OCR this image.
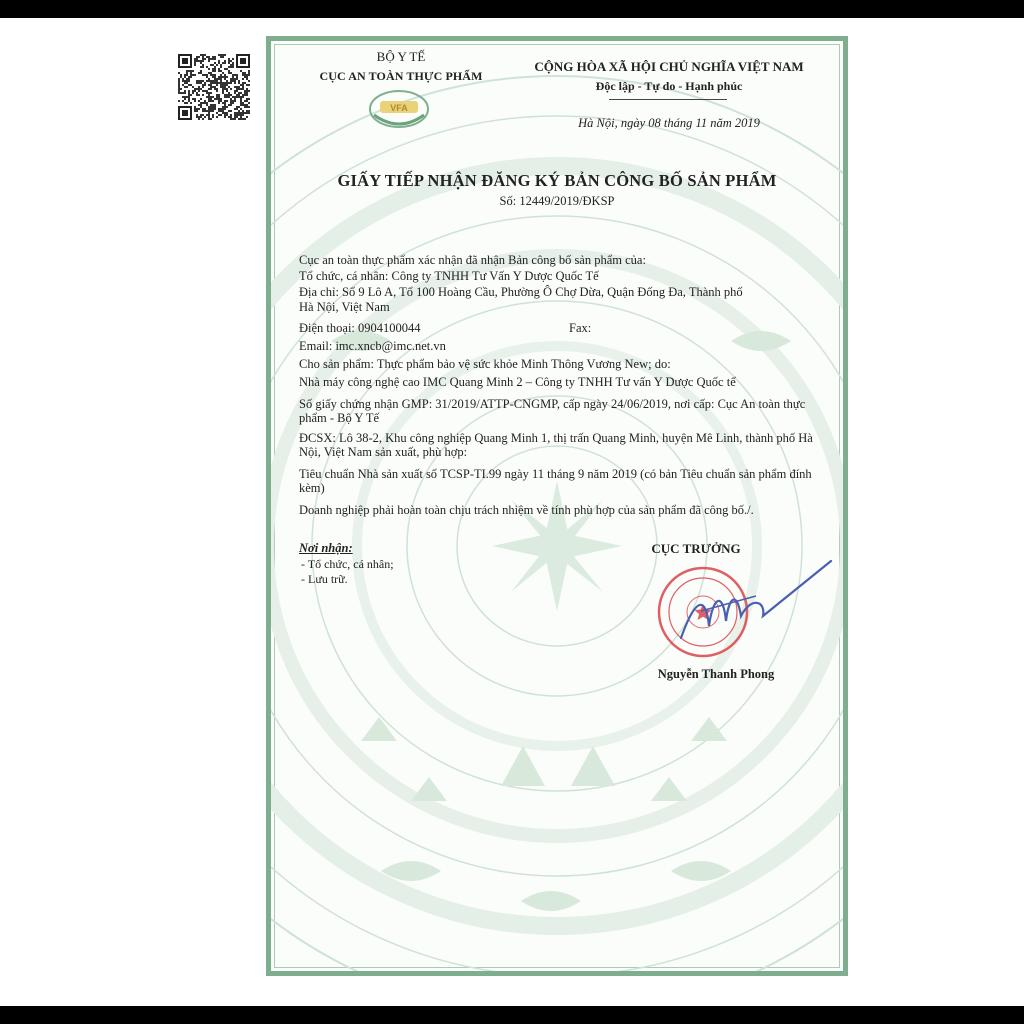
BỘ Y TẾ
CỤC AN TOÀN THỰC PHẨM
VFA
CỘNG HÒA XÃ HỘI CHỦ NGHĨA VIỆT NAM
Độc lập - Tự do - Hạnh phúc
Hà Nội, ngày 08 tháng 11 năm 2019
GIẤY TIẾP NHẬN ĐĂNG KÝ BẢN CÔNG BỐ SẢN PHẨM
Số: 12449/2019/ĐKSP
Cục an toàn thực phẩm xác nhận đã nhận Bản công bố sản phẩm của:
Tổ chức, cá nhân: Công ty TNHH Tư Vấn Y Dược Quốc Tế
Địa chỉ: Số 9 Lô A, Tổ 100 Hoàng Cầu, Phường Ô Chợ Dừa, Quận Đống Đa, Thành phố
Hà Nội, Việt Nam
Điện thoại: 0904100044	Fax:
Email: imc.xncb@imc.net.vn
Cho sản phẩm: Thực phẩm bảo vệ sức khỏe Minh Thông Vương New; do:
Nhà máy công nghệ cao IMC Quang Minh 2 – Công ty TNHH Tư vấn Y Dược Quốc tế
Số giấy chứng nhận GMP: 31/2019/ATTP-CNGMP, cấp ngày 24/06/2019, nơi cấp: Cục An toàn thực phẩm - Bộ Y Tế
ĐCSX: Lô 38-2, Khu công nghiệp Quang Minh 1, thị trấn Quang Minh, huyện Mê Linh, thành phố Hà Nội, Việt Nam sản xuất, phù hợp:
Tiêu chuẩn Nhà sản xuất số TCSP-TI.99 ngày 11 tháng 9 năm 2019 (có bản Tiêu chuẩn sản phẩm đính kèm)
Doanh nghiệp phải hoàn toàn chịu trách nhiệm về tính phù hợp của sản phẩm đã công bố./.
Nơi nhận:
- Tổ chức, cá nhân;
- Lưu trữ.
CỤC TRƯỞNG
Nguyễn Thanh Phong
